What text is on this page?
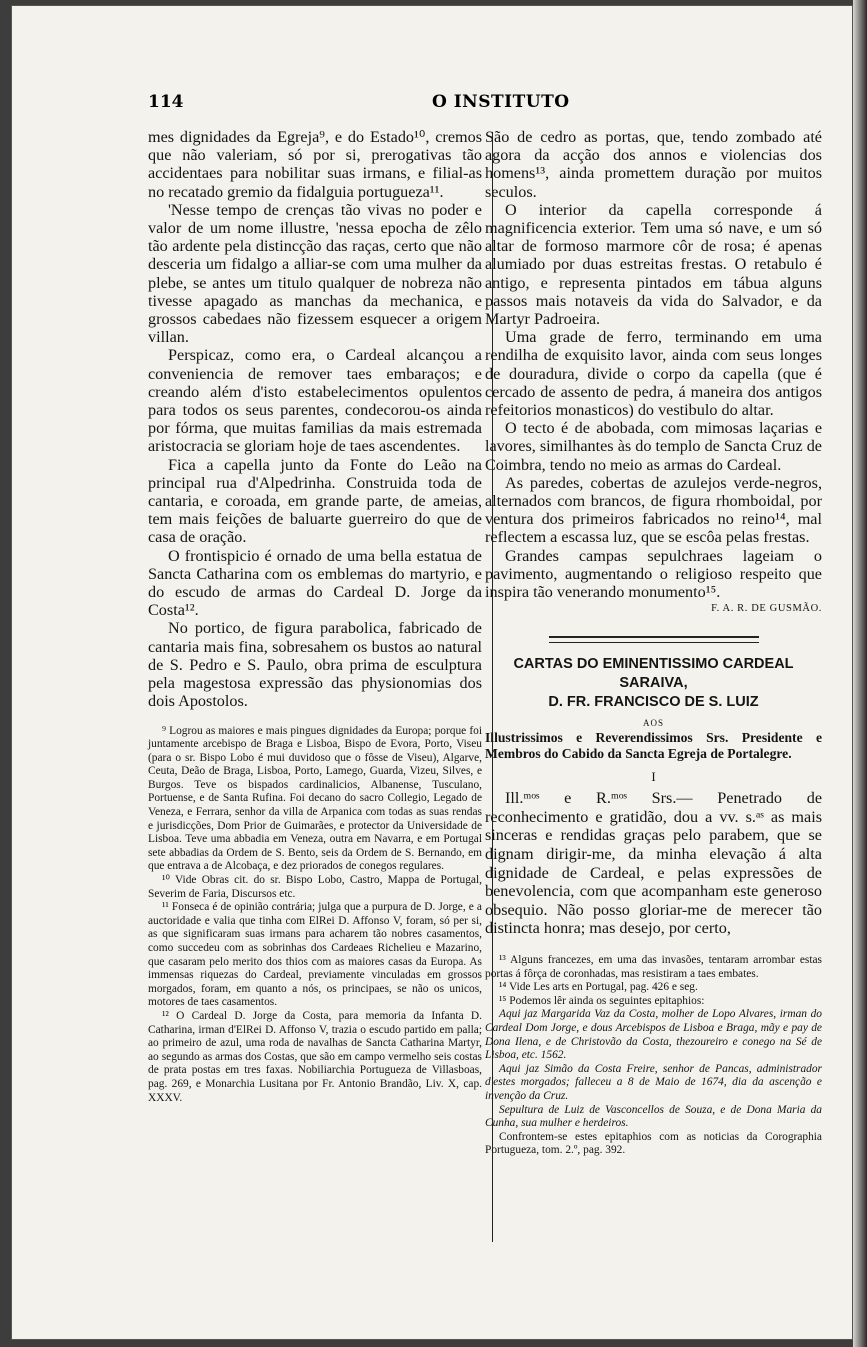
114	O INSTITUTO

mes dignidades da Egreja⁹, e do Estado¹⁰, cremos que não valeriam, só por si, prerogativas tão accidentaes para nobilitar suas irmans, e filial-as no recatado gremio da fidalguia portugueza¹¹.

'Nesse tempo de crenças tão vivas no poder e valor de um nome illustre, 'nessa epocha de zêlo tão ardente pela distincção das raças, certo que não desceria um fidalgo a alliar-se com uma mulher da plebe, se antes um titulo qualquer de nobreza não tivesse apagado as manchas da mechanica, e grossos cabedaes não fizessem esquecer a origem villan.

Perspicaz, como era, o Cardeal alcançou a conveniencia de remover taes embaraços; e creando além d'isto estabelecimentos opulentos para todos os seus parentes, condecorou-os ainda por fórma, que muitas familias da mais estremada aristocracia se gloriam hoje de taes ascendentes.

Fica a capella junto da Fonte do Leão na principal rua d'Alpedrinha. Construida toda de cantaria, e coroada, em grande parte, de ameias, tem mais feições de baluarte guerreiro do que de casa de oração.

O frontispicio é ornado de uma bella estatua de Sancta Catharina com os emblemas do martyrio, e do escudo de armas do Cardeal D. Jorge da Costa¹².

No portico, de figura parabolica, fabricado de cantaria mais fina, sobresahem os bustos ao natural de S. Pedro e S. Paulo, obra prima de esculptura pela magestosa expressão das physionomias dos dois Apostolos.

⁹ Logrou as maiores e mais pingues dignidades da Europa; porque foi juntamente arcebispo de Braga e Lisboa, Bispo de Evora, Porto, Viseu (para o sr. Bispo Lobo é mui duvidoso que o fôsse de Viseu), Algarve, Ceuta, Deão de Braga, Lisboa, Porto, Lamego, Guarda, Vizeu, Silves, e Burgos. Teve os bispados cardinalicios, Albanense, Tusculano, Portuense, e de Santa Rufina. Foi decano do sacro Collegio, Legado de Veneza, e Ferrara, senhor da villa de Arpanica com todas as suas rendas e jurisdicções, Dom Prior de Guimarães, e protector da Universidade de Lisboa. Teve uma abbadia em Veneza, outra em Navarra, e em Portugal sete abbadias da Ordem de S. Bento, seis da Ordem de S. Bernando, em que entrava a de Alcobaça, e dez priorados de conegos regulares.

¹⁰ Vide Obras cit. do sr. Bispo Lobo, Castro, Mappa de Portugal, Severim de Faria, Discursos etc.

¹¹ Fonseca é de opinião contrária; julga que a purpura de D. Jorge, e a auctoridade e valia que tinha com ElRei D. Affonso V, foram, só per si, as que significaram suas irmans para acharem tão nobres casamentos, como succedeu com as sobrinhas dos Cardeaes Richelieu e Mazarino, que casaram pelo merito dos thios com as maiores casas da Europa. As immensas riquezas do Cardeal, previamente vinculadas em grossos morgados, foram, em quanto a nós, os principaes, se não os unicos, motores de taes casamentos.

¹² O Cardeal D. Jorge da Costa, para memoria da Infanta D. Catharina, irman d'ElRei D. Affonso V, trazia o escudo partido em palla; ao primeiro de azul, uma roda de navalhas de Sancta Catharina Martyr, ao segundo as armas dos Costas, que são em campo vermelho seis costas de prata postas em tres faxas. Nobiliarchia Portugueza de Villasboas, pag. 269, e Monarchia Lusitana por Fr. Antonio Brandão, Liv. X, cap. XXXV.

São de cedro as portas, que, tendo zombado até agora da acção dos annos e violencias dos homens¹³, ainda promettem duração por muitos seculos.

O interior da capella corresponde á magnificencia exterior. Tem uma só nave, e um só altar de formoso marmore côr de rosa; é apenas alumiado por duas estreitas frestas. O retabulo é antigo, e representa pintados em tábua alguns passos mais notaveis da vida do Salvador, e da Martyr Padroeira.

Uma grade de ferro, terminando em uma rendilha de exquisito lavor, ainda com seus longes de douradura, divide o corpo da capella (que é cercado de assento de pedra, á maneira dos antigos refeitorios monasticos) do vestibulo do altar.

O tecto é de abobada, com mimosas laçarias e lavores, similhantes às do templo de Sancta Cruz de Coimbra, tendo no meio as armas do Cardeal.

As paredes, cobertas de azulejos verde-negros, alternados com brancos, de figura rhomboidal, por ventura dos primeiros fabricados no reino¹⁴, mal reflectem a escassa luz, que se escôa pelas frestas.

Grandes campas sepulchraes lageiam o pavimento, augmentando o religioso respeito que inspira tão venerando monumento¹⁵.

F. A. R. DE GUSMÃO.

CARTAS DO EMINENTISSIMO CARDEAL SARAIVA,

D. FR. FRANCISCO DE S. LUIZ

AOS

Illustrissimos e Reverendissimos Srs. Presidente e Membros do Cabido da Sancta Egreja de Portalegre.

I

Ill.ᵐᵒˢ e R.ᵐᵒˢ Srs.— Penetrado de reconhecimento e gratidão, dou a vv. s.ᵃˢ as mais sinceras e rendidas graças pelo parabem, que se dignam dirigir-me, da minha elevação á alta dignidade de Cardeal, e pelas expressões de benevolencia, com que acompanham este generoso obsequio. Não posso gloriar-me de merecer tão distincta honra; mas desejo, por certo,

¹³ Alguns francezes, em uma das invasões, tentaram arrombar estas portas á fôrça de coronhadas, mas resistiram a taes embates.

¹⁴ Vide Les arts en Portugal, pag. 426 e seg.

¹⁵ Podemos lêr ainda os seguintes epitaphios:

Aqui jaz Margarida Vaz da Costa, molher de Lopo Alvares, irman do Cardeal Dom Jorge, e dous Arcebispos de Lisboa e Braga, mãy e pay de Dona Ilena, e de Christovão da Costa, thezoureiro e conego na Sé de Lisboa, etc. 1562.

Aqui jaz Simão da Costa Freire, senhor de Pancas, administrador d'estes morgados; falleceu a 8 de Maio de 1674, dia da ascenção e invenção da Cruz.

Sepultura de Luiz de Vasconcellos de Souza, e de Dona Maria da Cunha, sua mulher e herdeiros.

Confrontem-se estes epitaphios com as noticias da Corographia Portugueza, tom. 2.º, pag. 392.
